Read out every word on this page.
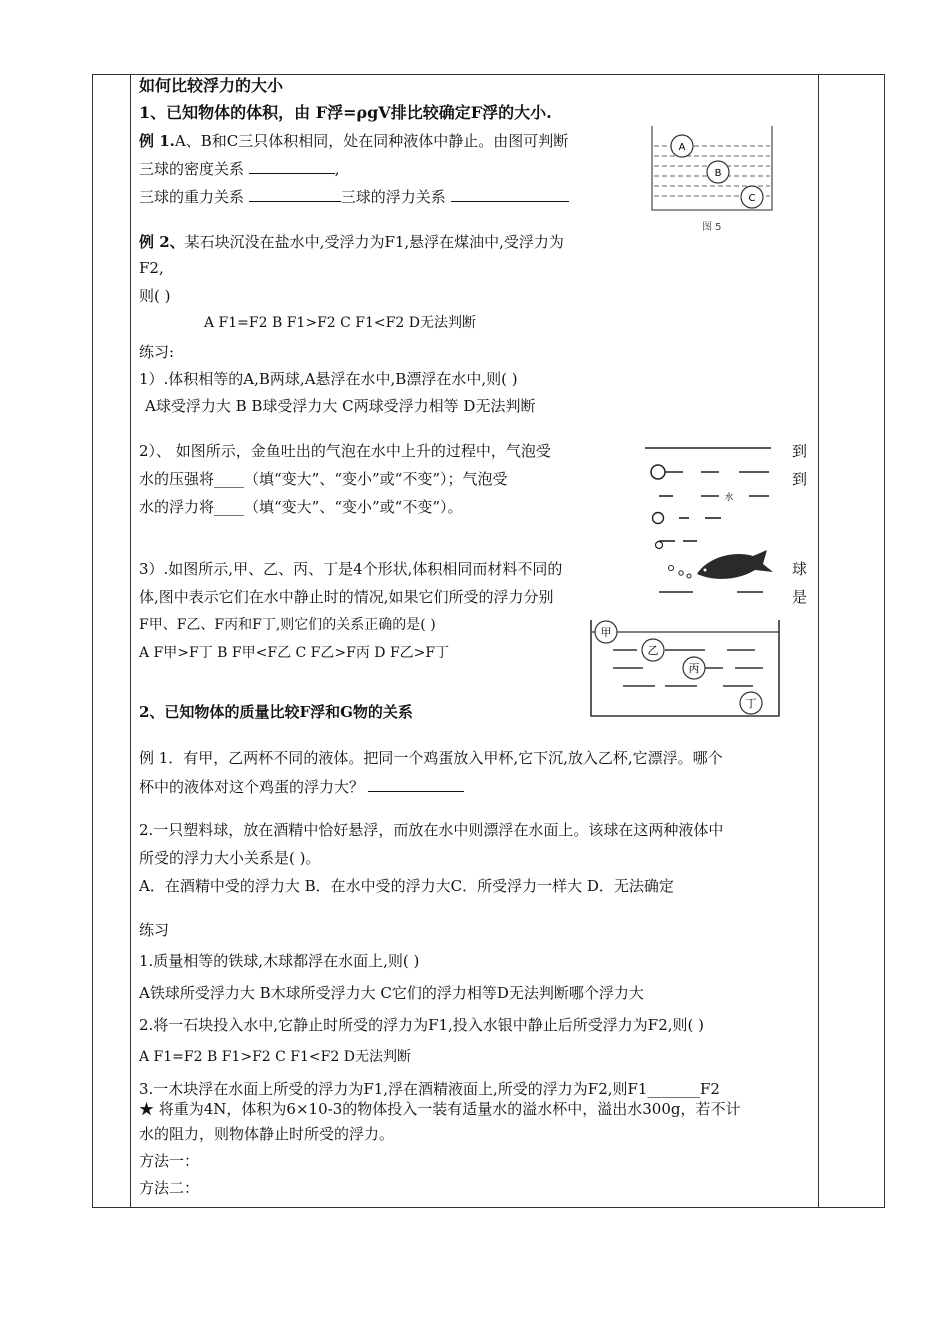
如何比较浮力的大小
1、已知物体的体积，由 F浮=ρgV排比较确定F浮的大小.
例 1.A、B和C三只体积相同，处在同种液体中静止。由图可判断
三球的密度关系	,
三球的重力关系	三球的浮力关系
A
B
C
图 5
例 2、某石块沉没在盐水中,受浮力为F1,悬浮在煤油中,受浮力为
F2,
则( )
A F1=F2 B F1>F2 C F1<F2 D无法判断
练习:
1）.体积相等的A,B两球,A悬浮在水中,B漂浮在水中,则( )
A球受浮力大 B B球受浮力大 C两球受浮力相等 D无法判断
2）、 如图所示，金鱼吐出的气泡在水中上升的过程中，气泡受	到
水的压强将____（填“变大”、“变小”或“不变”）；气泡受	到
水的浮力将____（填“变大”、“变小”或“不变”）。	水
3）.如图所示,甲、乙、丙、丁是4个形状,体积相同而材料不同的	球
体,图中表示它们在水中静止时的情况,如果它们所受的浮力分别	是
F甲、F乙、F丙和F丁,则它们的关系正确的是( )
A F甲>F丁 B F甲<F乙 C F乙>F丙 D F乙>F丁
甲
乙
丙
丁
2、已知物体的质量比较F浮和G物的关系
例 1．有甲，乙两杯不同的液体。把同一个鸡蛋放入甲杯,它下沉,放入乙杯,它漂浮。哪个
杯中的液体对这个鸡蛋的浮力大？
2.一只塑料球，放在酒精中恰好悬浮，而放在水中则漂浮在水面上。该球在这两种液体中
所受的浮力大小关系是( )。
A．在酒精中受的浮力大 B．在水中受的浮力大C．所受浮力一样大 D．无法确定
练习
1.质量相等的铁球,木球都浮在水面上,则( )
A铁球所受浮力大 B木球所受浮力大 C它们的浮力相等D无法判断哪个浮力大
2.将一石块投入水中,它静止时所受的浮力为F1,投入水银中静止后所受浮力为F2,则( )
A F1=F2 B F1>F2 C F1<F2 D无法判断
3.一木块浮在水面上所受的浮力为F1,浮在酒精液面上,所受的浮力为F2,则F1_______F2
★ 将重为4N，体积为6×10-3的物体投入一装有适量水的溢水杯中，溢出水300g，若不计
水的阻力，则物体静止时所受的浮力。
方法一：
方法二：
